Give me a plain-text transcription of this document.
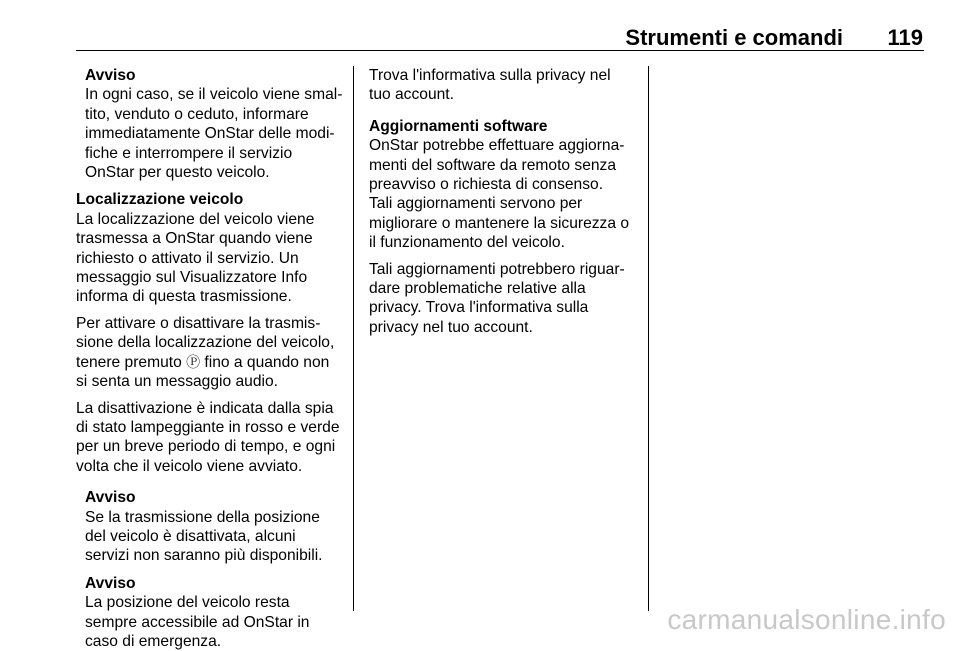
Strumenti e comandi 119
Avviso
In ogni caso, se il veicolo viene smal-
tito, venduto o ceduto, informare
immediatamente OnStar delle modi-
fiche e interrompere il servizio
OnStar per questo veicolo.
Localizzazione veicolo
La localizzazione del veicolo viene
trasmessa a OnStar quando viene
richiesto o attivato il servizio. Un
messaggio sul Visualizzatore Info
informa di questa trasmissione.
Per attivare o disattivare la trasmis-
sione della localizzazione del veicolo,
tenere premuto Ⓟ fino a quando non
si senta un messaggio audio.
La disattivazione è indicata dalla spia
di stato lampeggiante in rosso e verde
per un breve periodo di tempo, e ogni
volta che il veicolo viene avviato.
Avviso
Se la trasmissione della posizione
del veicolo è disattivata, alcuni
servizi non saranno più disponibili.
Avviso
La posizione del veicolo resta
sempre accessibile ad OnStar in
caso di emergenza.
Trova l'informativa sulla privacy nel
tuo account.
Aggiornamenti software
OnStar potrebbe effettuare aggiorna-
menti del software da remoto senza
preavviso o richiesta di consenso.
Tali aggiornamenti servono per
migliorare o mantenere la sicurezza o
il funzionamento del veicolo.
Tali aggiornamenti potrebbero riguar-
dare problematiche relative alla
privacy. Trova l'informativa sulla
privacy nel tuo account.
carmanualsonline.info
